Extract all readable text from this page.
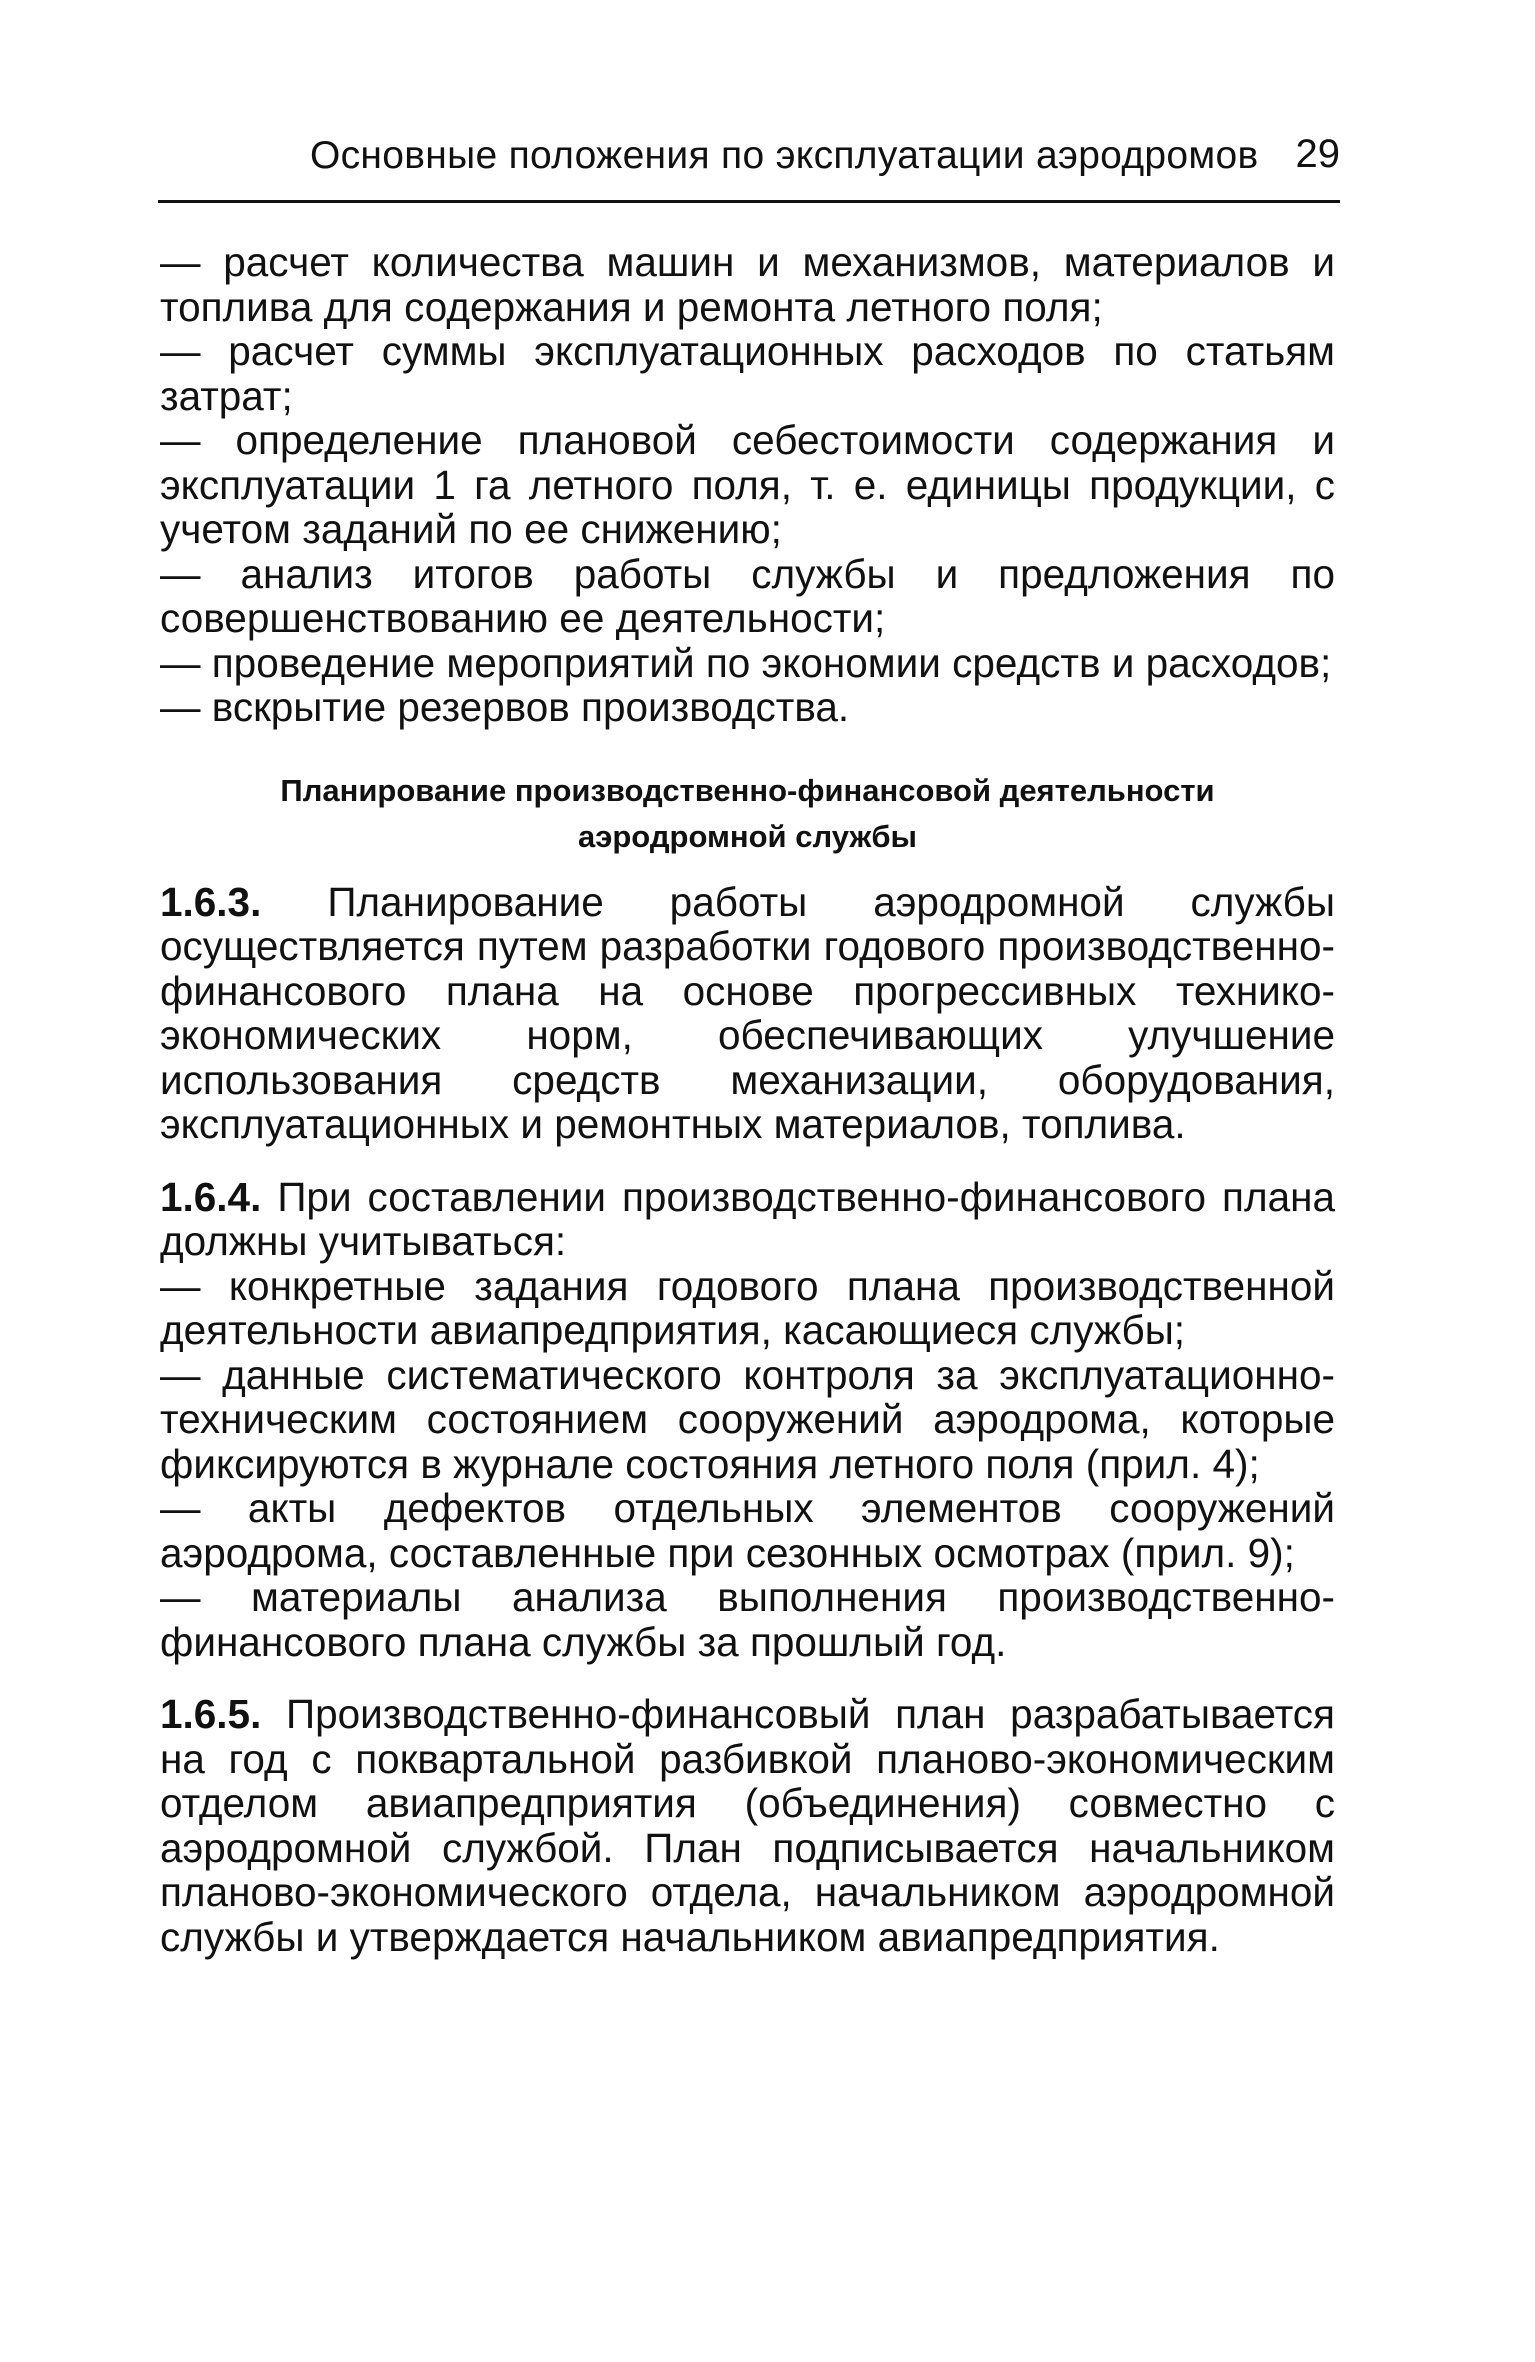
Основные положения по эксплуатации аэродромов 29

— расчет количества машин и механизмов, материалов и топлива для содержания и ремонта летного поля;

— расчет суммы эксплуатационных расходов по статьям затрат;

— определение плановой себестоимости содержания и эксплуатации 1 га летного поля, т. е. единицы продукции, с учетом заданий по ее снижению;

— анализ итогов работы службы и предложения по совершенствованию ее деятельности;

— проведение мероприятий по экономии средств и расходов;

— вскрытие резервов производства.

Планирование производственно-финансовой деятельности
аэродромной службы

1.6.3. Планирование работы аэродромной службы осуществляется путем разработки годового производственно-финансового плана на основе прогрессивных технико-экономических норм, обеспечивающих улучшение использования средств механизации, оборудования, эксплуатационных и ремонтных материалов, топлива.

1.6.4. При составлении производственно-финансового плана должны учитываться:

— конкретные задания годового плана производственной деятельности авиапредприятия, касающиеся службы;

— данные систематического контроля за эксплуатационно-техническим состоянием сооружений аэродрома, которые фиксируются в журнале состояния летного поля (прил. 4);

— акты дефектов отдельных элементов сооружений аэродрома, составленные при сезонных осмотрах (прил. 9);

— материалы анализа выполнения производственно-финансового плана службы за прошлый год.

1.6.5. Производственно-финансовый план разрабатывается на год с поквартальной разбивкой планово-экономическим отделом авиапредприятия (объединения) совместно с аэродромной службой. План подписывается начальником планово-экономического отдела, начальником аэродромной службы и утверждается начальником авиапредприятия.
